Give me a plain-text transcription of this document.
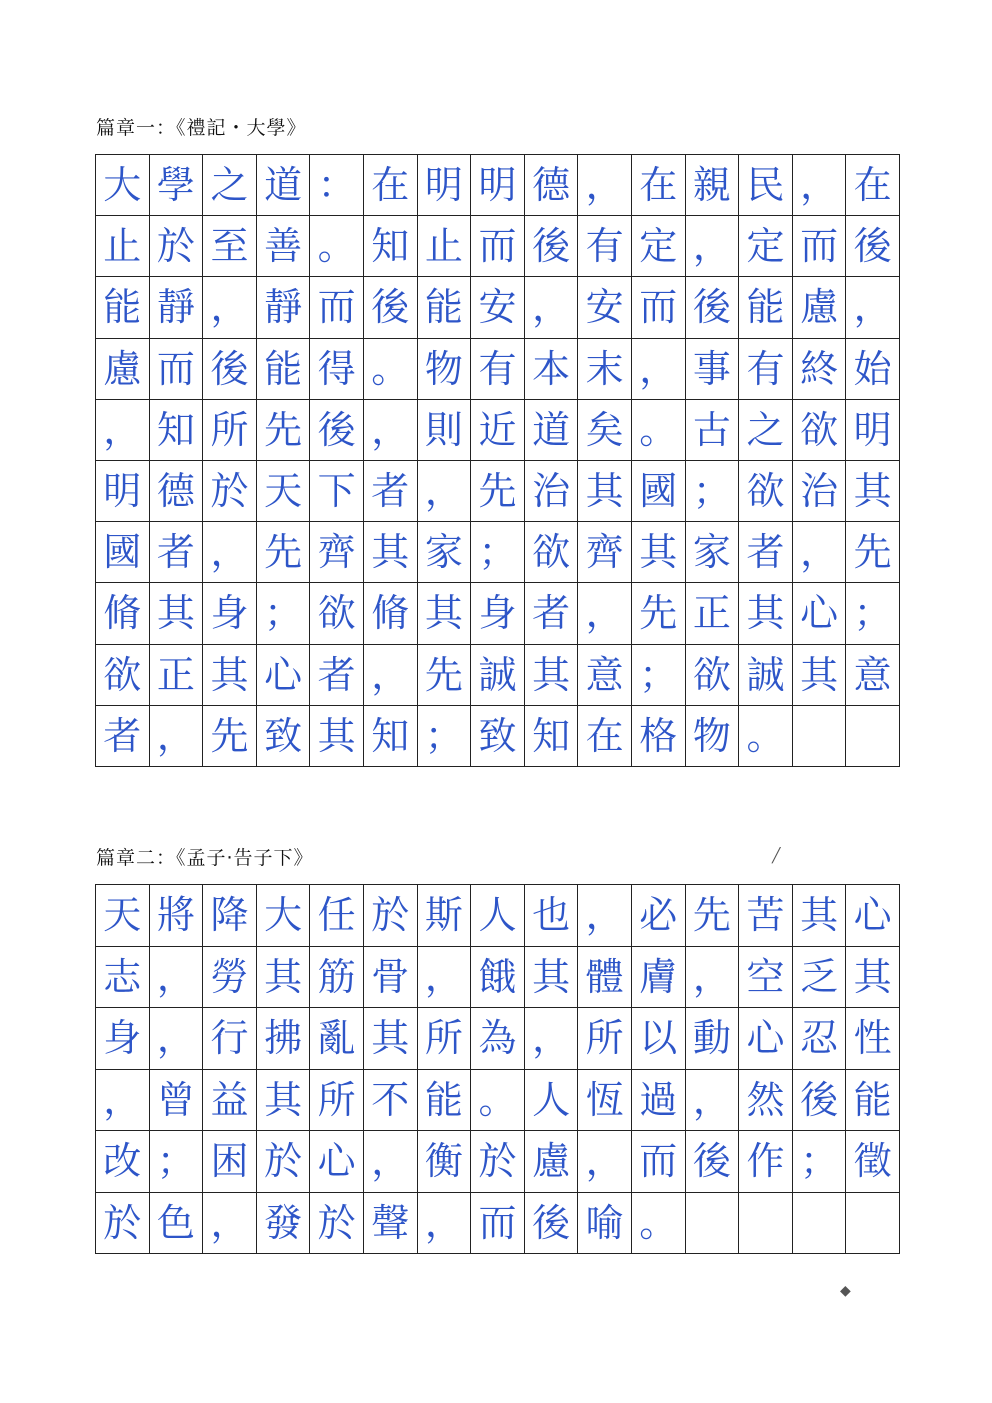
篇章一：《禮記・大學》
大 學 之 道 ： 在 明 明 德 ， 在 親 民 ， 在
止 於 至 善 。 知 止 而 後 有 定 ， 定 而 後
能 靜 ， 靜 而 後 能 安 ， 安 而 後 能 慮 ，
慮 而 後 能 得 。 物 有 本 末 ， 事 有 終 始
， 知 所 先 後 ， 則 近 道 矣 。 古 之 欲 明
明 德 於 天 下 者 ， 先 治 其 國 ； 欲 治 其
國 者 ， 先 齊 其 家 ； 欲 齊 其 家 者 ， 先
脩 其 身 ； 欲 脩 其 身 者 ， 先 正 其 心 ；
欲 正 其 心 者 ， 先 誠 其 意 ； 欲 誠 其 意
者 ， 先 致 其 知 ； 致 知 在 格 物 。
篇章二：《孟子·告子下》
天 將 降 大 任 於 斯 人 也 ， 必 先 苦 其 心
志 ， 勞 其 筋 骨 ， 餓 其 體 膚 ， 空 乏 其
身 ， 行 拂 亂 其 所 為 ， 所 以 動 心 忍 性
， 曾 益 其 所 不 能 。 人 恆 過 ， 然 後 能
改 ； 困 於 心 ， 衡 於 慮 ， 而 後 作 ； 徵
於 色 ， 發 於 聲 ， 而 後 喻 。
╱
◆
